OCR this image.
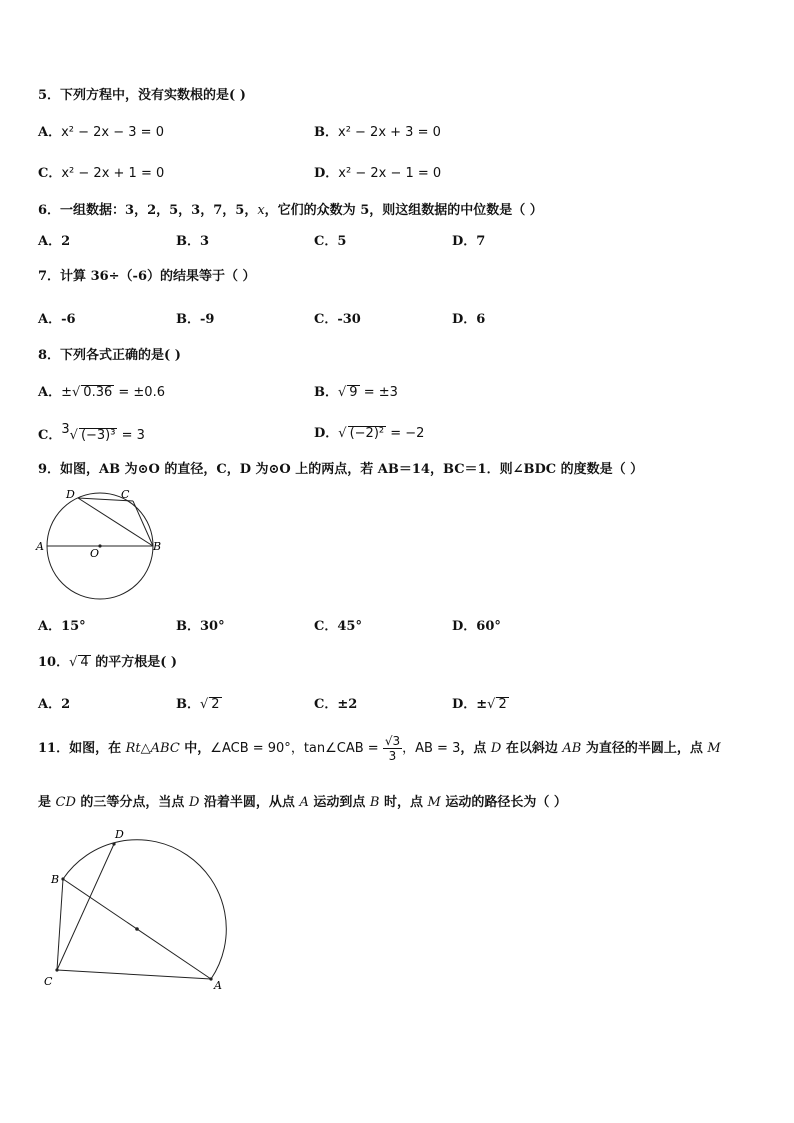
5．下列方程中，没有实数根的是( )
A．x² − 2x − 3 = 0	B．x² − 2x + 3 = 0
C．x² − 2x + 1 = 0	D．x² − 2x − 1 = 0
6．一组数据：3，2，5，3，7，5，x，它们的众数为 5，则这组数据的中位数是（ ）
A．2	B．3	C．5	D．7
7．计算 36÷（-6）的结果等于（ ）
A．-6	B．-9	C．-30	D．6
8．下列各式正确的是( )
A．±√ 0.36 = ±0.6	B．√ 9 = ±3
C．3√ (−3)³ = 3	D．√ (−2)² = −2
9．如图，AB 为⊙O 的直径，C，D 为⊙O 上的两点，若 AB＝14，BC＝1．则∠BDC 的度数是（ ）
A	B
C
D
O
A．15°	B．30°	C．45°	D．60°
10．√ 4 的平方根是( )
A．2	B．√ 2	C．±2	D．±√ 2
11．如图，在 Rt△ABC 中，∠ACB = 90°，tan∠CAB = $\frac{√3}{3}$ ，AB = 3，点 D 在以斜边 AB 为直径的半圆上，点 M
是 CD 的三等分点，当点 D 沿着半圆，从点 A 运动到点 B 时，点 M 运动的路径长为（ ）
B
D
C	A
